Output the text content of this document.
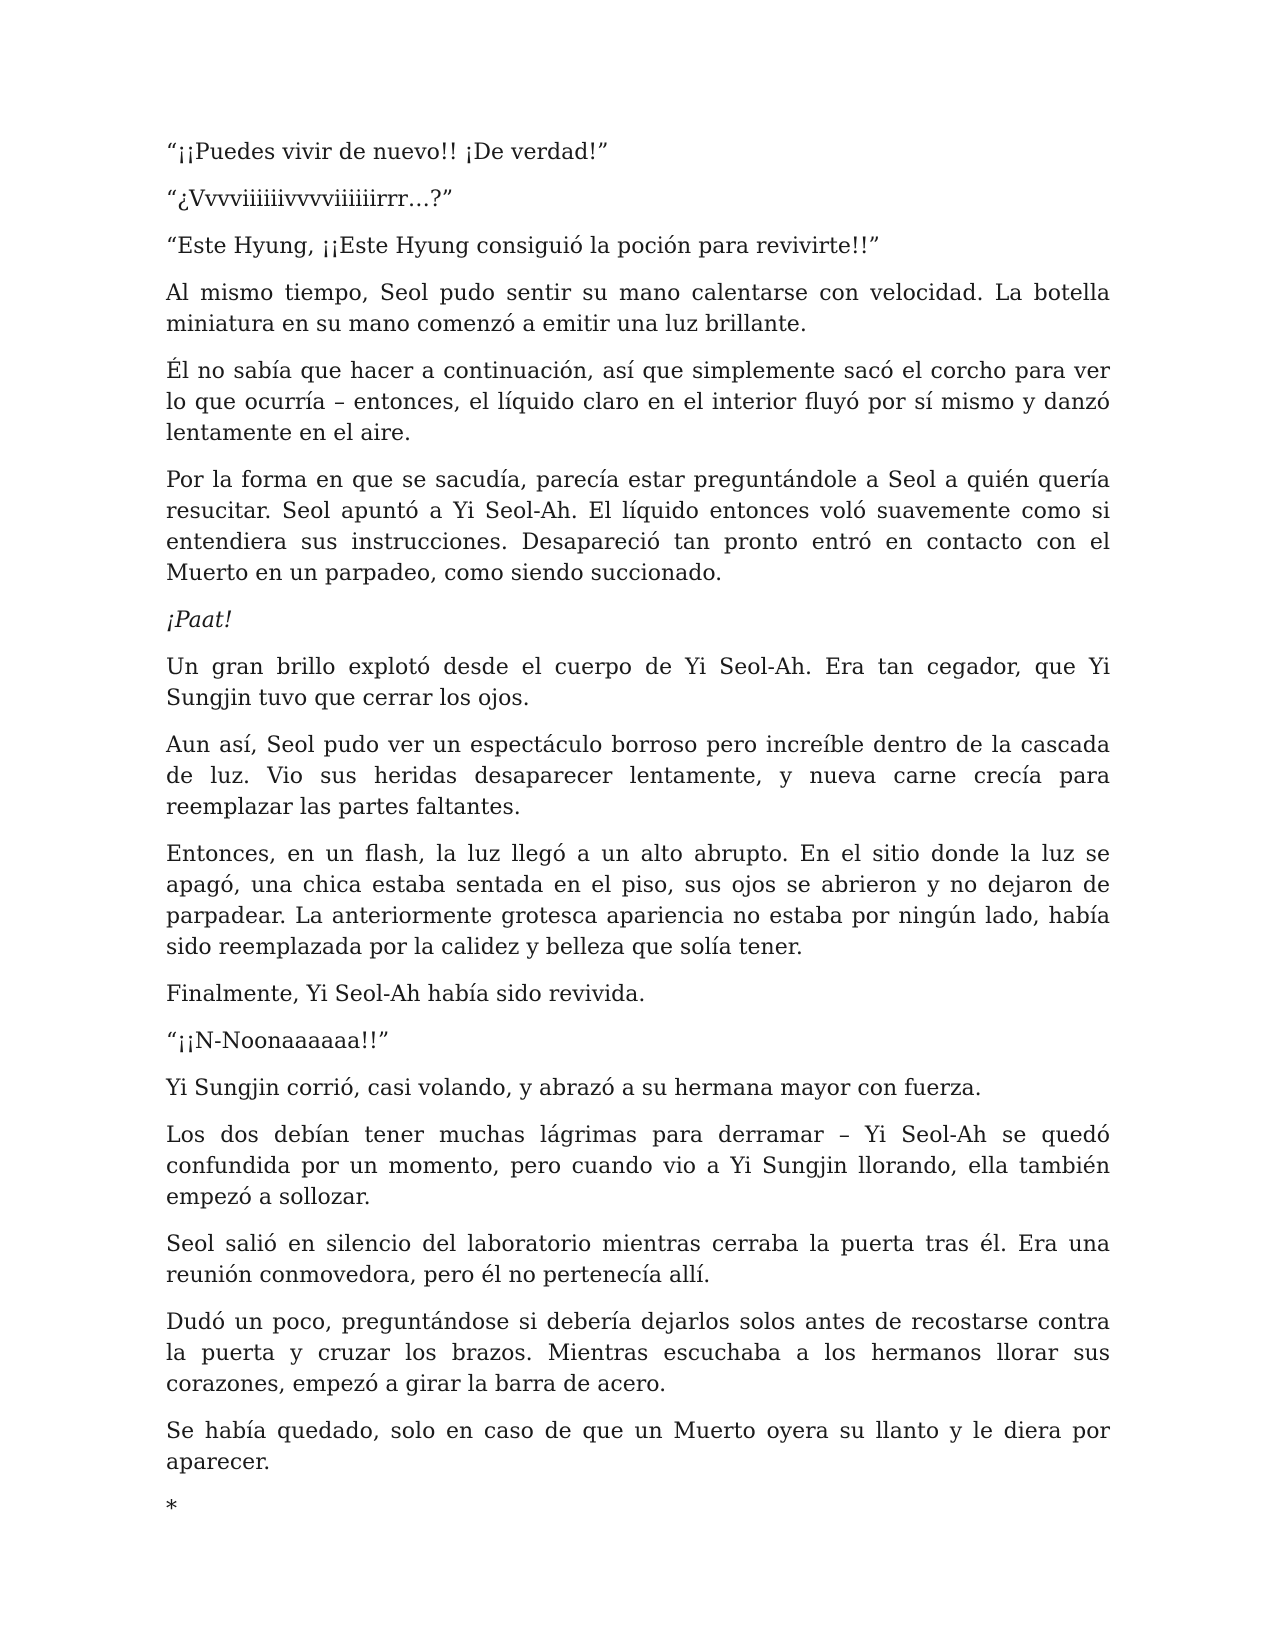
“¡¡Puedes vivir de nuevo!! ¡De verdad!”

“¿Vvvviiiiiivvvviiiiiirrr…?”

“Este Hyung, ¡¡Este Hyung consiguió la poción para revivirte!!”

Al mismo tiempo, Seol pudo sentir su mano calentarse con velocidad. La botella miniatura en su mano comenzó a emitir una luz brillante.

Él no sabía que hacer a continuación, así que simplemente sacó el corcho para ver lo que ocurría – entonces, el líquido claro en el interior fluyó por sí mismo y danzó lentamente en el aire.

Por la forma en que se sacudía, parecía estar preguntándole a Seol a quién quería resucitar. Seol apuntó a Yi Seol-Ah. El líquido entonces voló suavemente como si entendiera sus instrucciones. Desapareció tan pronto entró en contacto con el Muerto en un parpadeo, como siendo succionado.

¡Paat!

Un gran brillo explotó desde el cuerpo de Yi Seol-Ah. Era tan cegador, que Yi Sungjin tuvo que cerrar los ojos.

Aun así, Seol pudo ver un espectáculo borroso pero increíble dentro de la cascada de luz. Vio sus heridas desaparecer lentamente, y nueva carne crecía para reemplazar las partes faltantes.

Entonces, en un flash, la luz llegó a un alto abrupto. En el sitio donde la luz se apagó, una chica estaba sentada en el piso, sus ojos se abrieron y no dejaron de parpadear. La anteriormente grotesca apariencia no estaba por ningún lado, había sido reemplazada por la calidez y belleza que solía tener.

Finalmente, Yi Seol-Ah había sido revivida.

“¡¡N-Noonaaaaaa!!”

Yi Sungjin corrió, casi volando, y abrazó a su hermana mayor con fuerza.

Los dos debían tener muchas lágrimas para derramar – Yi Seol-Ah se quedó confundida por un momento, pero cuando vio a Yi Sungjin llorando, ella también empezó a sollozar.

Seol salió en silencio del laboratorio mientras cerraba la puerta tras él. Era una reunión conmovedora, pero él no pertenecía allí.

Dudó un poco, preguntándose si debería dejarlos solos antes de recostarse contra la puerta y cruzar los brazos. Mientras escuchaba a los hermanos llorar sus corazones, empezó a girar la barra de acero.

Se había quedado, solo en caso de que un Muerto oyera su llanto y le diera por aparecer.

*
